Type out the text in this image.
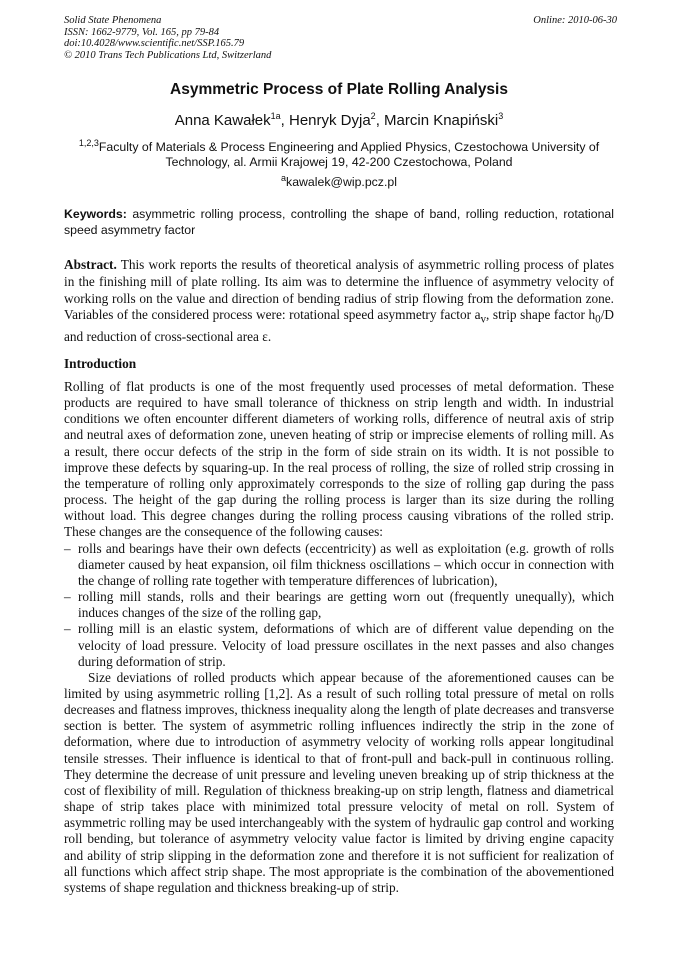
Solid State Phenomena
ISSN: 1662-9779, Vol. 165, pp 79-84
doi:10.4028/www.scientific.net/SSP.165.79
© 2010 Trans Tech Publications Ltd, Switzerland
Online: 2010-06-30
Asymmetric Process of Plate Rolling Analysis
Anna Kawałek$^{1a}$, Henryk Dyja$^2$, Marcin Knapiński$^3$
$^{1,2,3}$Faculty of Materials & Process Engineering and Applied Physics, Czestochowa University of Technology, al. Armii Krajowej 19, 42-200 Czestochowa, Poland
$^a$kawalek@wip.pcz.pl
Keywords: asymmetric rolling process, controlling the shape of band, rolling reduction, rotational speed asymmetry factor
Abstract. This work reports the results of theoretical analysis of asymmetric rolling process of plates in the finishing mill of plate rolling. Its aim was to determine the influence of asymmetry velocity of working rolls on the value and direction of bending radius of strip flowing from the deformation zone. Variables of the considered process were: rotational speed asymmetry factor $a_v$, strip shape factor $h_0/D$ and reduction of cross-sectional area ε.
Introduction

Rolling of flat products is one of the most frequently used processes of metal deformation. These products are required to have small tolerance of thickness on strip length and width. In industrial conditions we often encounter different diameters of working rolls, difference of neutral axis of strip and neutral axes of deformation zone, uneven heating of strip or imprecise elements of rolling mill. As a result, there occur defects of the strip in the form of side strain on its width. It is not possible to improve these defects by squaring-up. In the real process of rolling, the size of rolled strip crossing in the temperature of rolling only approximately corresponds to the size of rolling gap during the pass process. The height of the gap during the rolling process is larger than its size during the rolling without load. This degree changes during the rolling process causing vibrations of the rolled strip. These changes are the consequence of the following causes:

– rolls and bearings have their own defects (eccentricity) as well as exploitation (e.g. growth of rolls diameter caused by heat expansion, oil film thickness oscillations – which occur in connection with the change of rolling rate together with temperature differences of lubrication),
– rolling mill stands, rolls and their bearings are getting worn out (frequently unequally), which induces changes of the size of the rolling gap,
– rolling mill is an elastic system, deformations of which are of different value depending on the velocity of load pressure. Velocity of load pressure oscillates in the next passes and also changes during deformation of strip.

Size deviations of rolled products which appear because of the aforementioned causes can be limited by using asymmetric rolling [1,2]. As a result of such rolling total pressure of metal on rolls decreases and flatness improves, thickness inequality along the length of plate decreases and transverse section is better. The system of asymmetric rolling influences indirectly the strip in the zone of deformation, where due to introduction of asymmetry velocity of working rolls appear longitudinal tensile stresses. Their influence is identical to that of front-pull and back-pull in continuous rolling. They determine the decrease of unit pressure and leveling uneven breaking up of strip thickness at the cost of flexibility of mill. Regulation of thickness breaking-up on strip length, flatness and diametrical shape of strip takes place with minimized total pressure velocity of metal on roll. System of asymmetric rolling may be used interchangeably with the system of hydraulic gap control and working roll bending, but tolerance of asymmetry velocity value factor is limited by driving engine capacity and ability of strip slipping in the deformation zone and therefore it is not sufficient for realization of all functions which affect strip shape. The most appropriate is the combination of the abovementioned systems of shape regulation and thickness breaking-up of strip.
